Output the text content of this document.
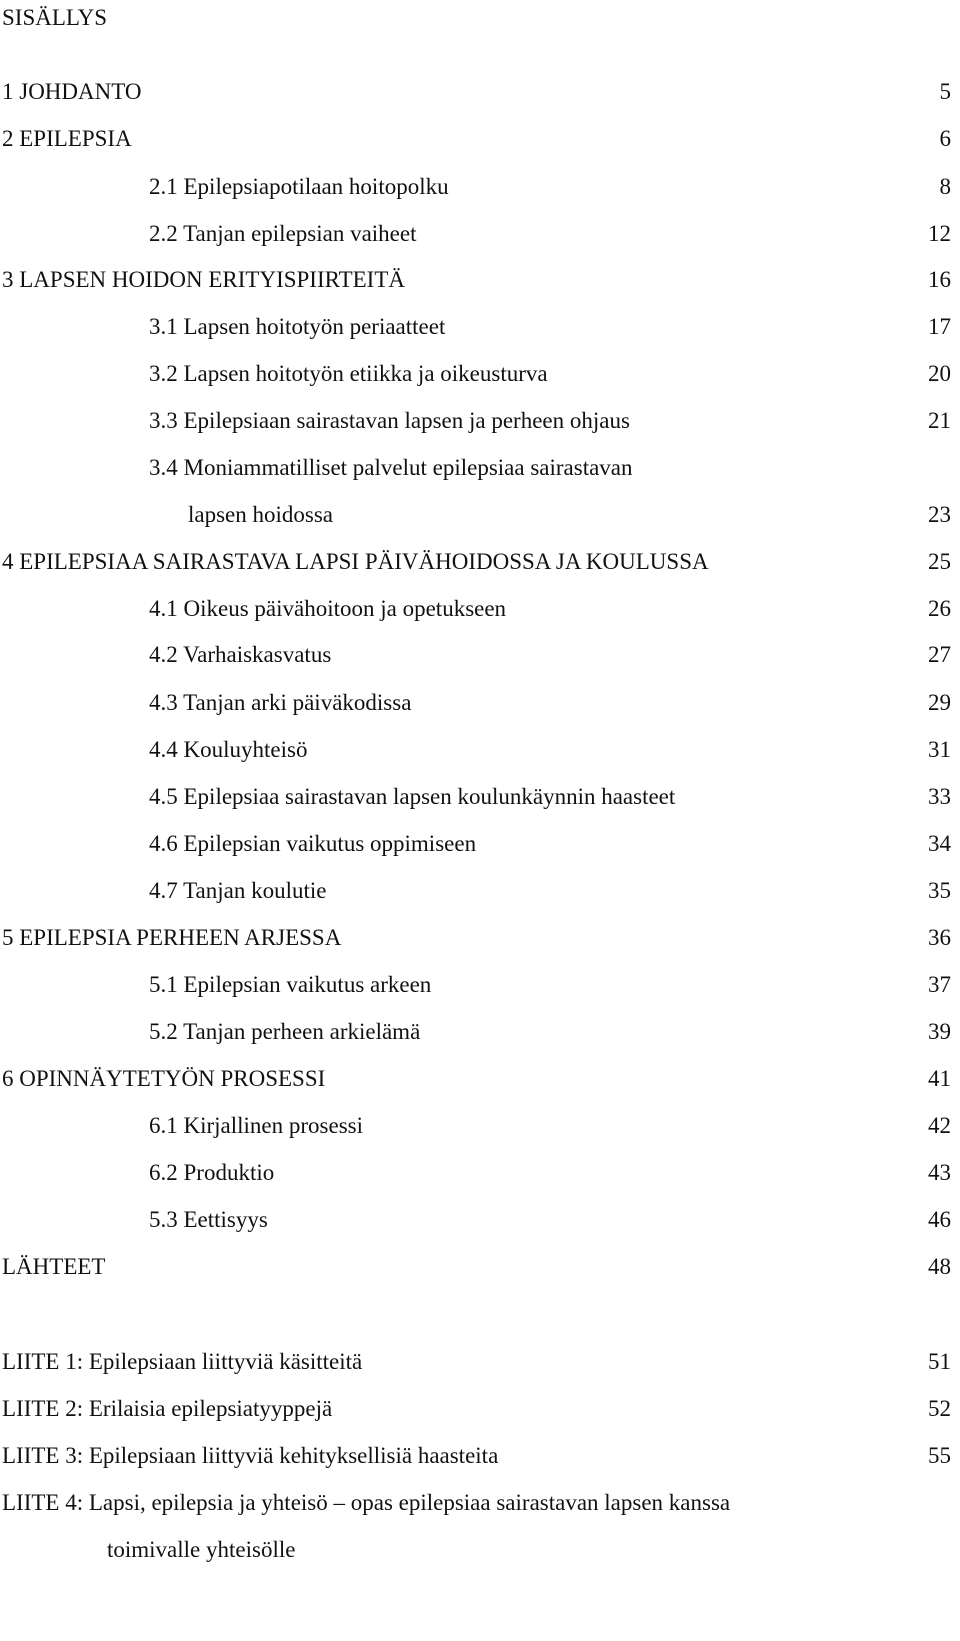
SISÄLLYS
1 JOHDANTO	5
2 EPILEPSIA	6
2.1 Epilepsiapotilaan hoitopolku	8
2.2 Tanjan epilepsian vaiheet	12
3 LAPSEN HOIDON ERITYISPIIRTEITÄ	16
3.1 Lapsen hoitotyön periaatteet	17
3.2 Lapsen hoitotyön etiikka ja oikeusturva	20
3.3 Epilepsiaan sairastavan lapsen ja perheen ohjaus	21
3.4 Moniammatilliset palvelut epilepsiaa sairastavan
lapsen hoidossa	23
4 EPILEPSIAA SAIRASTAVA LAPSI PÄIVÄHOIDOSSA JA KOULUSSA	25
4.1 Oikeus päivähoitoon ja opetukseen	26
4.2 Varhaiskasvatus	27
4.3 Tanjan arki päiväkodissa	29
4.4 Kouluyhteisö	31
4.5 Epilepsiaa sairastavan lapsen koulunkäynnin haasteet	33
4.6 Epilepsian vaikutus oppimiseen	34
4.7 Tanjan koulutie	35
5 EPILEPSIA PERHEEN ARJESSA	36
5.1 Epilepsian vaikutus arkeen	37
5.2 Tanjan perheen arkielämä	39
6 OPINNÄYTETYÖN PROSESSI	41
6.1 Kirjallinen prosessi	42
6.2 Produktio	43
5.3 Eettisyys	46
LÄHTEET	48
LIITE 1: Epilepsiaan liittyviä käsitteitä	51
LIITE 2: Erilaisia epilepsiatyyppejä	52
LIITE 3: Epilepsiaan liittyviä kehityksellisiä haasteita	55
LIITE 4: Lapsi, epilepsia ja yhteisö – opas epilepsiaa sairastavan lapsen kanssa
toimivalle yhteisölle
